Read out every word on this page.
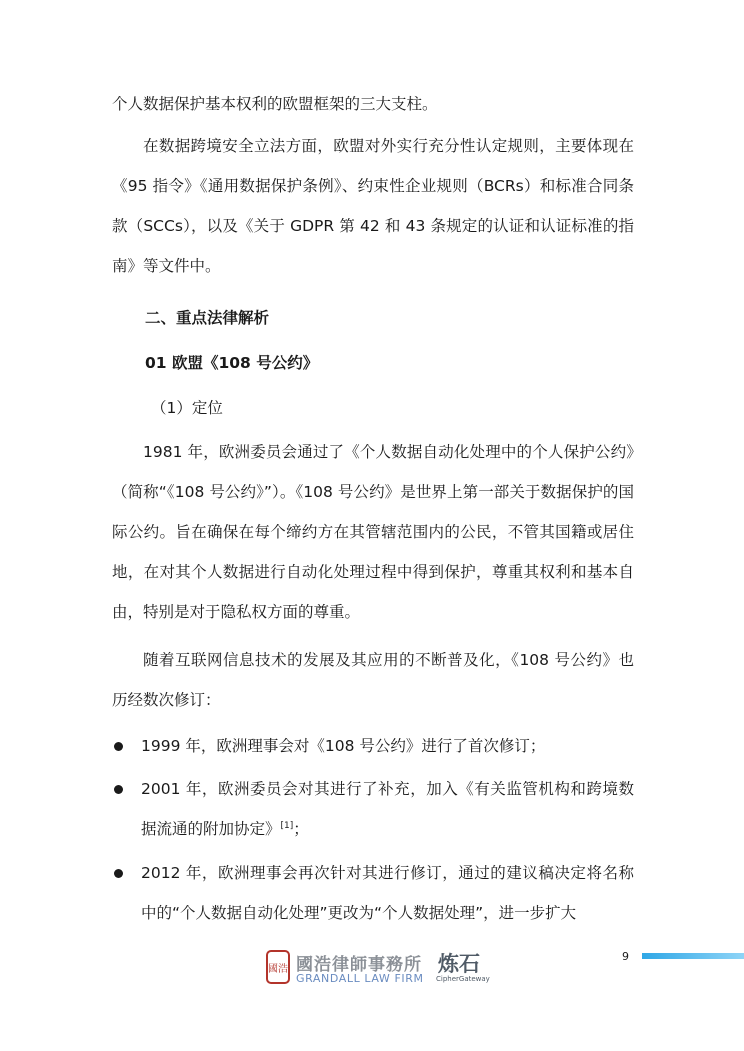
个人数据保护基本权利的欧盟框架的三大支柱。

在数据跨境安全立法方面，欧盟对外实行充分性认定规则，主要体现在《95 指令》《通用数据保护条例》、约束性企业规则（BCRs）和标准合同条款（SCCs），以及《关于 GDPR 第 42 和 43 条规定的认证和认证标准的指南》等文件中。

二、重点法律解析

01 欧盟《108 号公约》

（1）定位

1981 年，欧洲委员会通过了《个人数据自动化处理中的个人保护公约》（简称“《108 号公约》”）。《108 号公约》是世界上第一部关于数据保护的国际公约。旨在确保在每个缔约方在其管辖范围内的公民，不管其国籍或居住地，在对其个人数据进行自动化处理过程中得到保护，尊重其权利和基本自由，特别是对于隐私权方面的尊重。

随着互联网信息技术的发展及其应用的不断普及化，《108 号公约》也历经数次修订：

1999 年，欧洲理事会对《108 号公约》进行了首次修订；

2001 年，欧洲委员会对其进行了补充，加入《有关监管机构和跨境数据流通的附加协定》[1]；

2012 年，欧洲理事会再次针对其进行修订，通过的建议稿决定将名称中的“个人数据自动化处理”更改为“个人数据处理”，进一步扩大

9
國浩 國浩律師事務所
GRANDALL LAW FIRM
炼石
CipherGateway
